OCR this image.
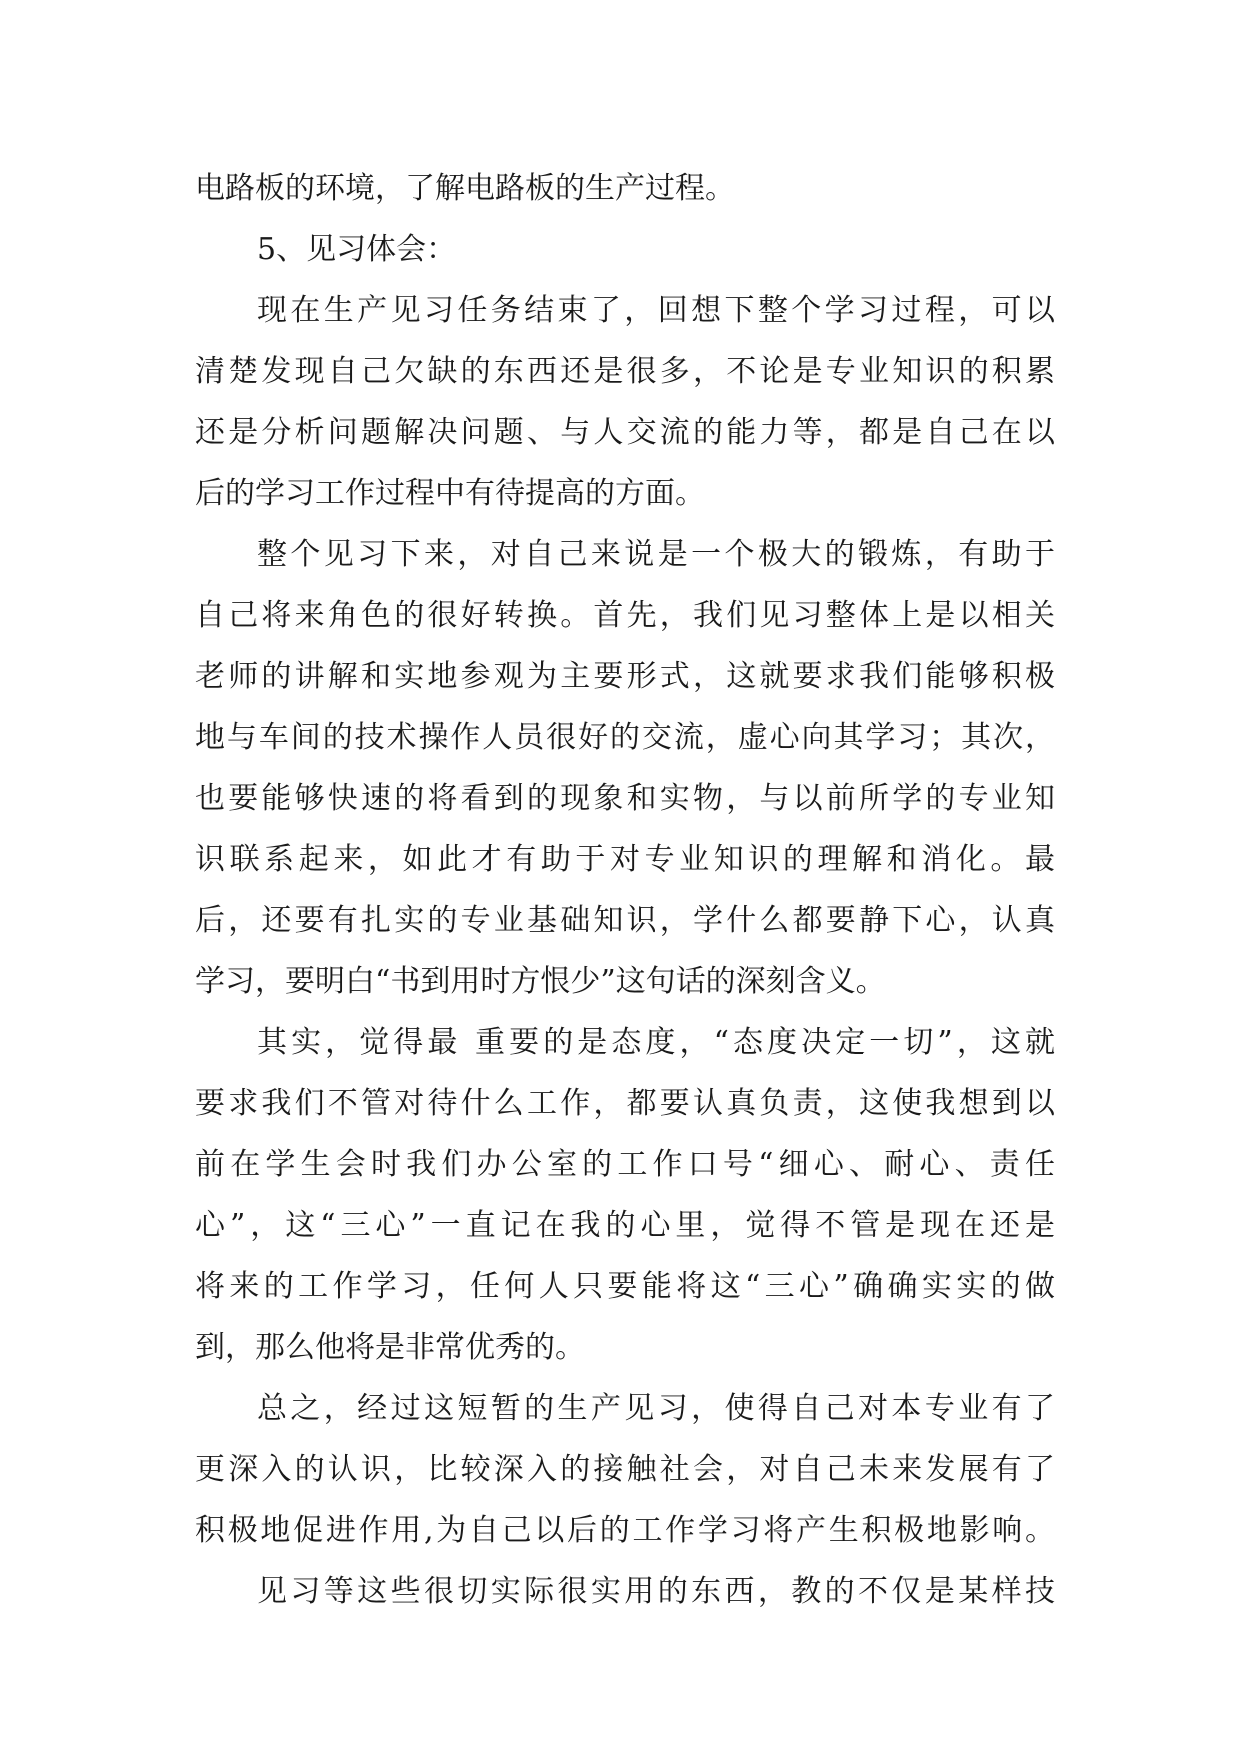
电路板的环境，了解电路板的生产过程。
5、见习体会：
现在生产见习任务结束了，回想下整个学习过程，可以
清楚发现自己欠缺的东西还是很多，不论是专业知识的积累
还是分析问题解决问题、与人交流的能力等，都是自己在以
后的学习工作过程中有待提高的方面。
整个见习下来，对自己来说是一个极大的锻炼，有助于
自己将来角色的很好转换。首先，我们见习整体上是以相关
老师的讲解和实地参观为主要形式，这就要求我们能够积极
地与车间的技术操作人员很好的交流，虚心向其学习；其次，
也要能够快速的将看到的现象和实物，与以前所学的专业知
识联系起来，如此才有助于对专业知识的理解和消化。最
后，还要有扎实的专业基础知识，学什么都要静下心，认真
学习，要明白“书到用时方恨少”这句话的深刻含义。
其实，觉得最 重要的是态度，“态度决定一切”，这就
要求我们不管对待什么工作，都要认真负责，这使我想到以
前在学生会时我们办公室的工作口号“细心、耐心、责任
心”，这“三心”一直记在我的心里，觉得不管是现在还是
将来的工作学习，任何人只要能将这“三心”确确实实的做
到，那么他将是非常优秀的。
总之，经过这短暂的生产见习，使得自己对本专业有了
更深入的认识，比较深入的接触社会，对自己未来发展有了
积极地促进作用,为自己以后的工作学习将产生积极地影响。
见习等这些很切实际很实用的东西，教的不仅是某样技
